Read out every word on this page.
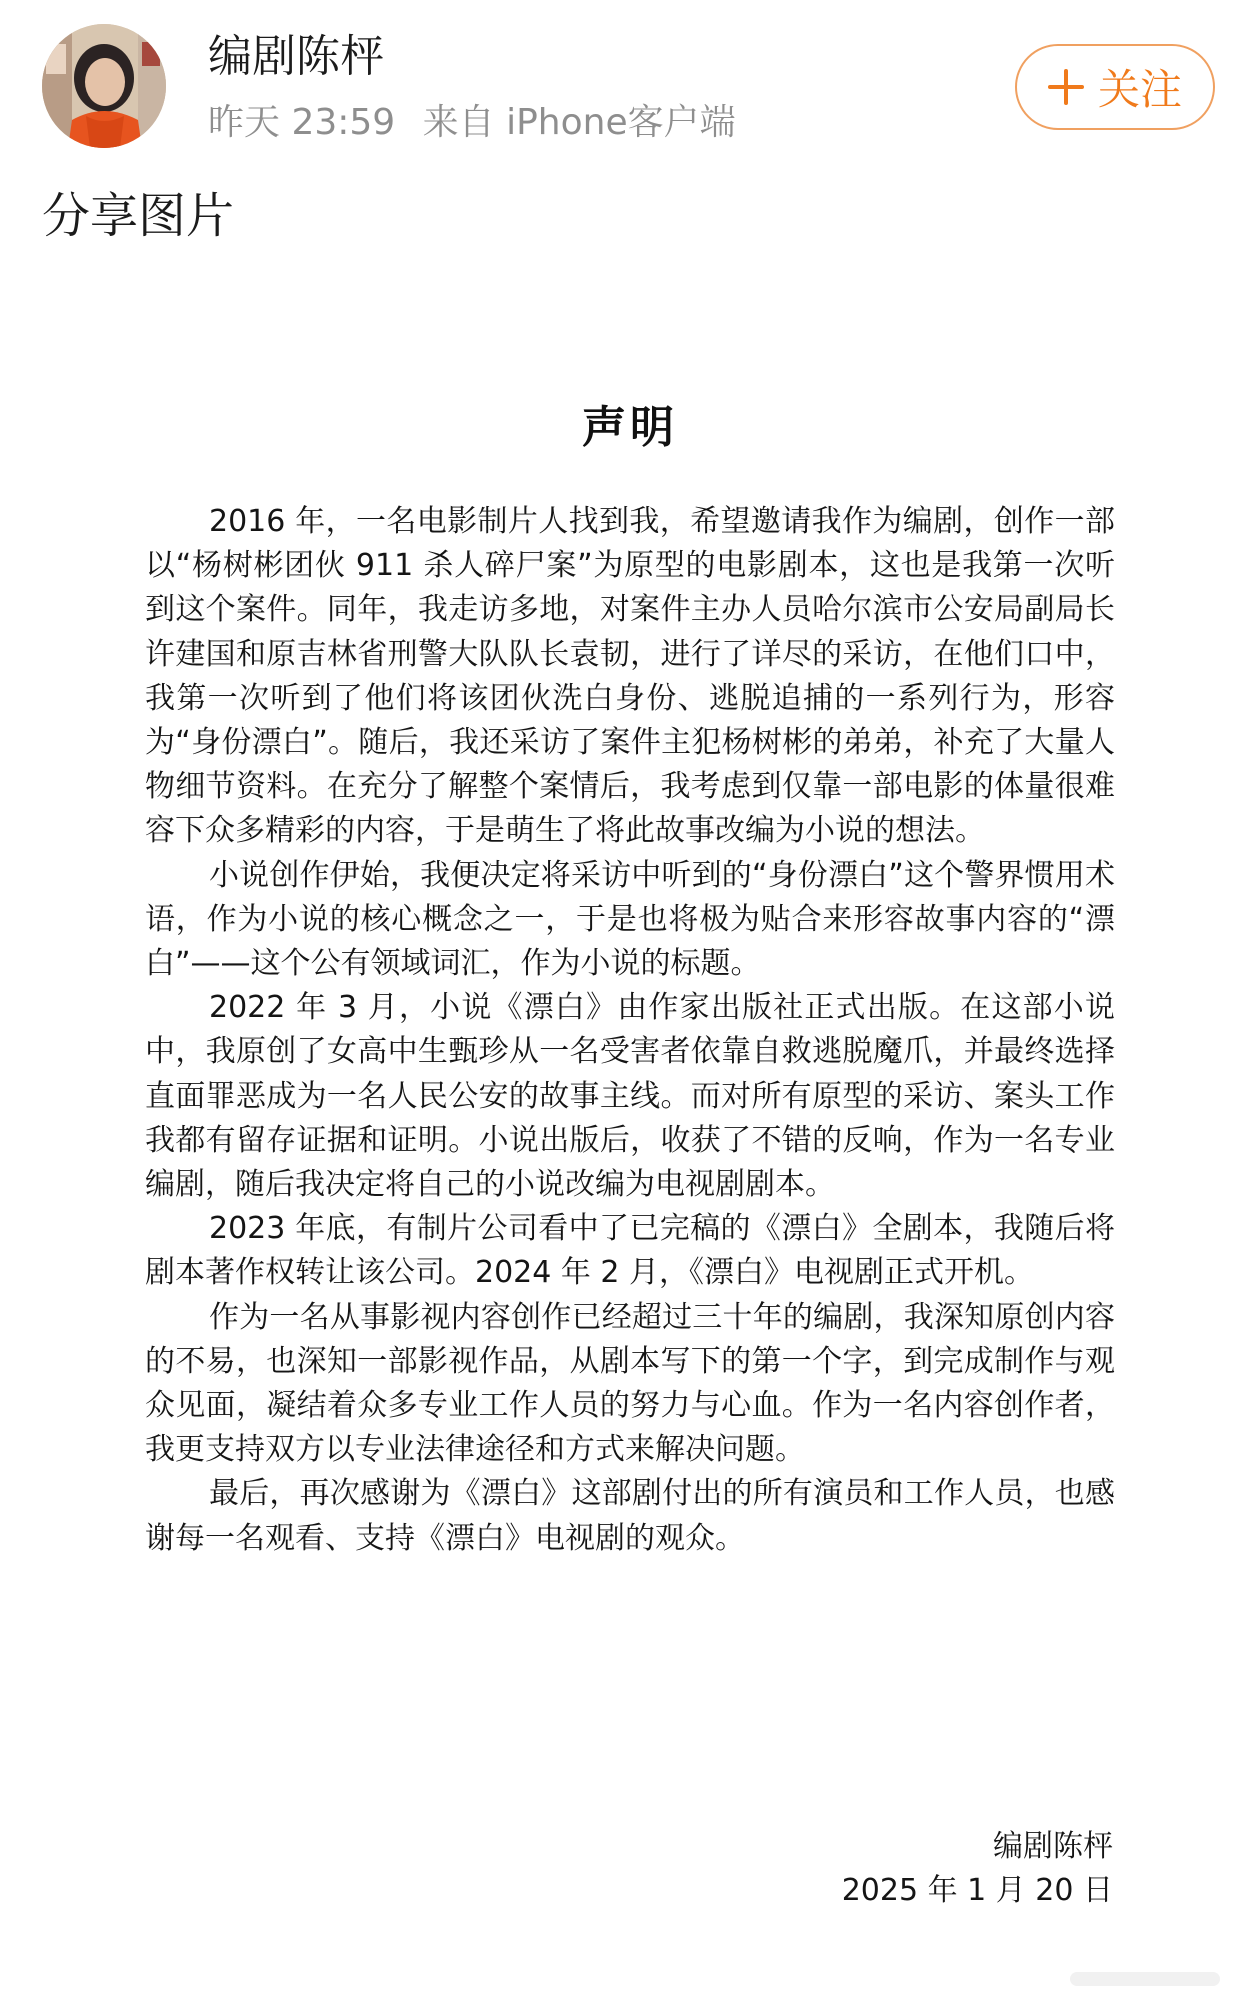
编剧陈枰
昨天 23:59 来自 iPhone客户端
关注
分享图片
声明

2016 年，一名电影制片人找到我，希望邀请我作为编剧，创作一部以“杨树彬团伙 911 杀人碎尸案”为原型的电影剧本，这也是我第一次听到这个案件。同年，我走访多地，对案件主办人员哈尔滨市公安局副局长许建国和原吉林省刑警大队队长袁韧，进行了详尽的采访，在他们口中，我第一次听到了他们将该团伙洗白身份、逃脱追捕的一系列行为，形容为“身份漂白”。随后，我还采访了案件主犯杨树彬的弟弟，补充了大量人物细节资料。在充分了解整个案情后，我考虑到仅靠一部电影的体量很难容下众多精彩的内容，于是萌生了将此故事改编为小说的想法。

小说创作伊始，我便决定将采访中听到的“身份漂白”这个警界惯用术语，作为小说的核心概念之一，于是也将极为贴合来形容故事内容的“漂白”——这个公有领域词汇，作为小说的标题。

2022 年 3 月，小说《漂白》由作家出版社正式出版。在这部小说中，我原创了女高中生甄珍从一名受害者依靠自救逃脱魔爪，并最终选择直面罪恶成为一名人民公安的故事主线。而对所有原型的采访、案头工作我都有留存证据和证明。小说出版后，收获了不错的反响，作为一名专业编剧，随后我决定将自己的小说改编为电视剧剧本。

2023 年底，有制片公司看中了已完稿的《漂白》全剧本，我随后将剧本著作权转让该公司。2024 年 2 月，《漂白》电视剧正式开机。

作为一名从事影视内容创作已经超过三十年的编剧，我深知原创内容的不易，也深知一部影视作品，从剧本写下的第一个字，到完成制作与观众见面，凝结着众多专业工作人员的努力与心血。作为一名内容创作者，我更支持双方以专业法律途径和方式来解决问题。

最后，再次感谢为《漂白》这部剧付出的所有演员和工作人员，也感谢每一名观看、支持《漂白》电视剧的观众。

编剧陈枰
2025 年 1 月 20 日
